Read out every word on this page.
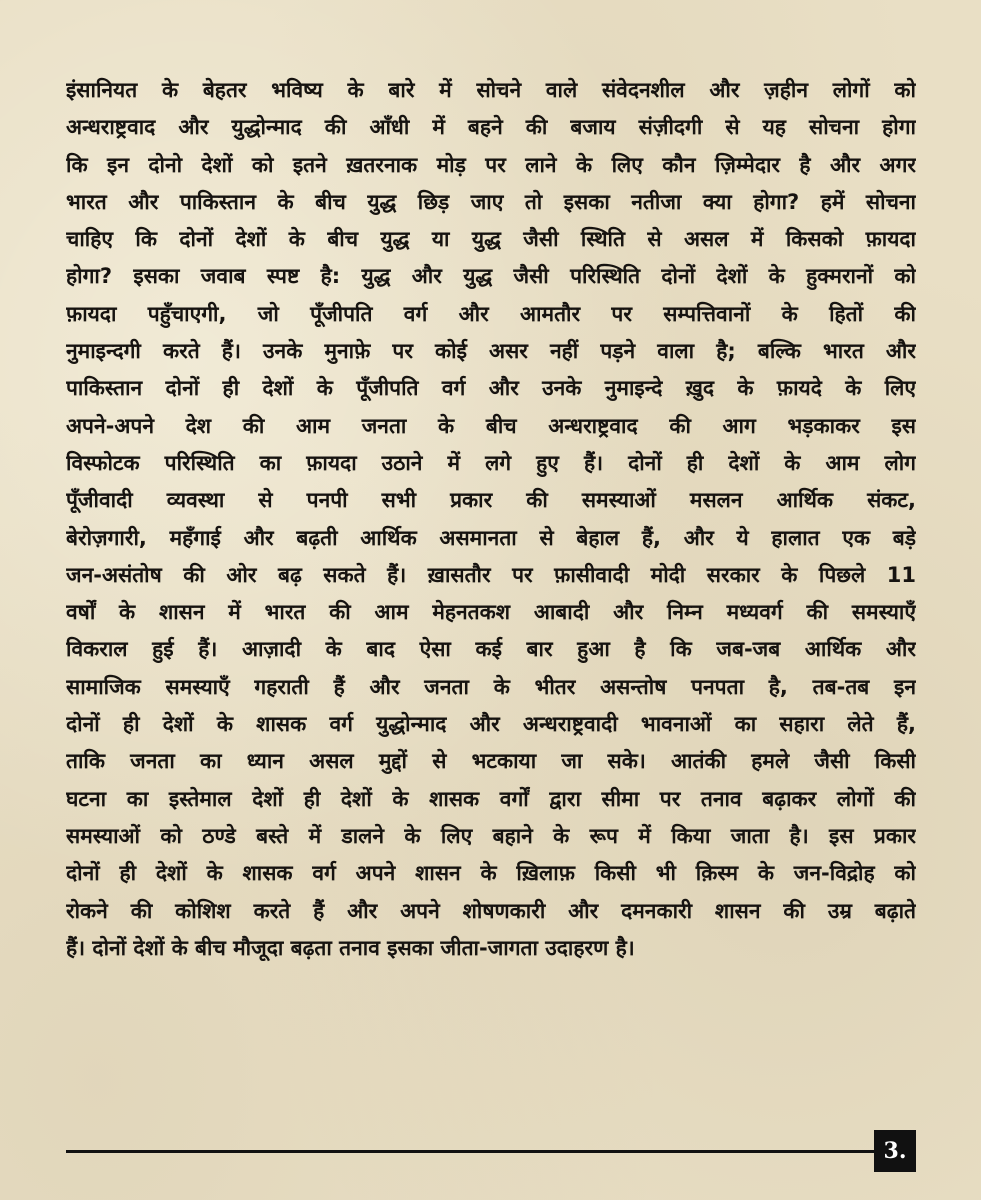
इंसानियत के बेहतर भविष्य के बारे में सोचने वाले संवेदनशील और ज़हीन लोगों को
अन्धराष्ट्रवाद और युद्धोन्माद की आँधी में बहने की बजाय संज़ीदगी से यह सोचना होगा
कि इन दोनो देशों को इतने ख़तरनाक मोड़ पर लाने के लिए कौन ज़िम्मेदार है और अगर
भारत और पाकिस्तान के बीच युद्ध छिड़ जाए तो इसका नतीजा क्या होगा? हमें सोचना
चाहिए कि दोनों देशों के बीच युद्ध या युद्ध जैसी स्थिति से असल में किसको फ़ायदा
होगा? इसका जवाब स्पष्ट है: युद्ध और युद्ध जैसी परिस्थिति दोनों देशों के हुक्मरानों को
फ़ायदा पहुँचाएगी, जो पूँजीपति वर्ग और आमतौर पर सम्पत्तिवानों के हितों की
नुमाइन्दगी करते हैं। उनके मुनाफ़े पर कोई असर नहीं पड़ने वाला है; बल्कि भारत और
पाकिस्तान दोनों ही देशों के पूँजीपति वर्ग और उनके नुमाइन्दे ख़ुद के फ़ायदे के लिए
अपने-अपने देश की आम जनता के बीच अन्धराष्ट्रवाद की आग भड़काकर इस
विस्फोटक परिस्थिति का फ़ायदा उठाने में लगे हुए हैं। दोनों ही देशों के आम लोग
पूँजीवादी व्यवस्था से पनपी सभी प्रकार की समस्याओं मसलन आर्थिक संकट,
बेरोज़गारी, महँगाई और बढ़ती आर्थिक असमानता से बेहाल हैं, और ये हालात एक बड़े
जन-असंतोष की ओर बढ़ सकते हैं। ख़ासतौर पर फ़ासीवादी मोदी सरकार के पिछले 11
वर्षों के शासन में भारत की आम मेहनतकश आबादी और निम्न मध्यवर्ग की समस्याएँ
विकराल हुई हैं। आज़ादी के बाद ऐसा कई बार हुआ है कि जब-जब आर्थिक और
सामाजिक समस्याएँ गहराती हैं और जनता के भीतर असन्तोष पनपता है, तब-तब इन
दोनों ही देशों के शासक वर्ग युद्धोन्माद और अन्धराष्ट्रवादी भावनाओं का सहारा लेते हैं,
ताकि जनता का ध्यान असल मुद्दों से भटकाया जा सके। आतंकी हमले जैसी किसी
घटना का इस्तेमाल देशों ही देशों के शासक वर्गों द्वारा सीमा पर तनाव बढ़ाकर लोगों की
समस्याओं को ठण्डे बस्ते में डालने के लिए बहाने के रूप में किया जाता है। इस प्रकार
दोनों ही देशों के शासक वर्ग अपने शासन के ख़िलाफ़ किसी भी क़िस्म के जन-विद्रोह को
रोकने की कोशिश करते हैं और अपने शोषणकारी और दमनकारी शासन की उम्र बढ़ाते
हैं। दोनों देशों के बीच मौजूदा बढ़ता तनाव इसका जीता-जागता उदाहरण है।
3.
